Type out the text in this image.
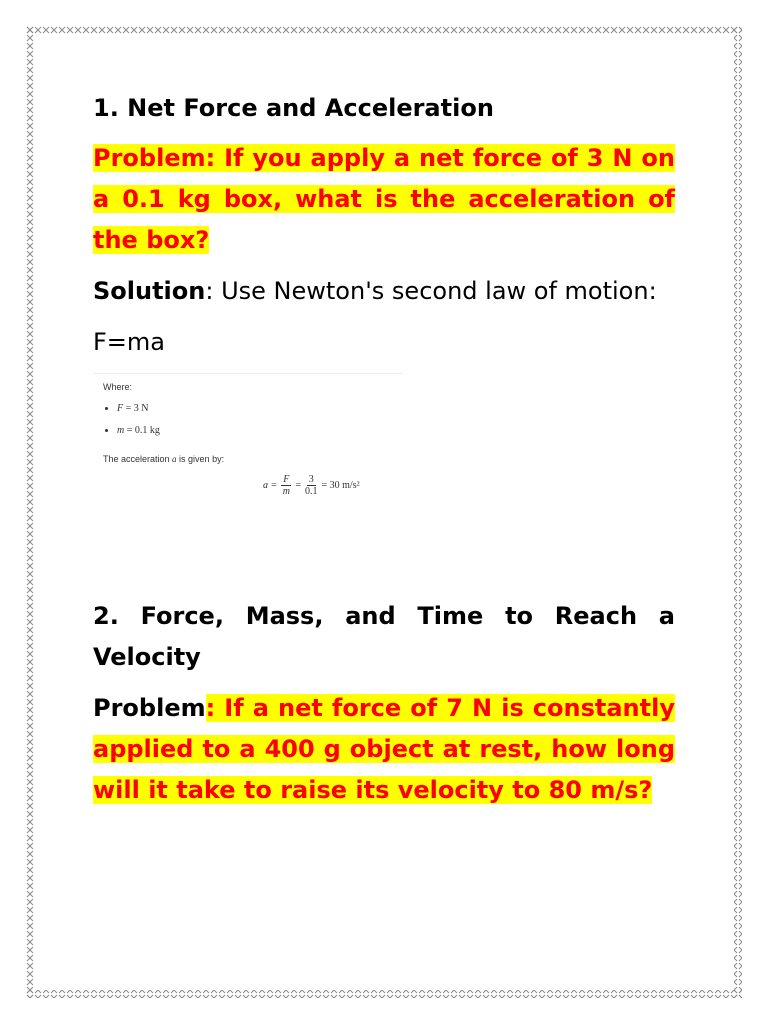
1. Net Force and Acceleration

Problem: If you apply a net force of 3 N on a 0.1 kg box, what is the acceleration of the box?

Solution: Use Newton's second law of motion:

F=ma
Where:
• F = 3 N
• m = 0.1 kg
The acceleration a is given by:
$a = \frac{F}{m} = \frac{3}{0.1} = 30$ m/s²

2. Force, Mass, and Time to Reach a Velocity

Problem: If a net force of 7 N is constantly applied to a 400 g object at rest, how long will it take to raise its velocity to 80 m/s?
